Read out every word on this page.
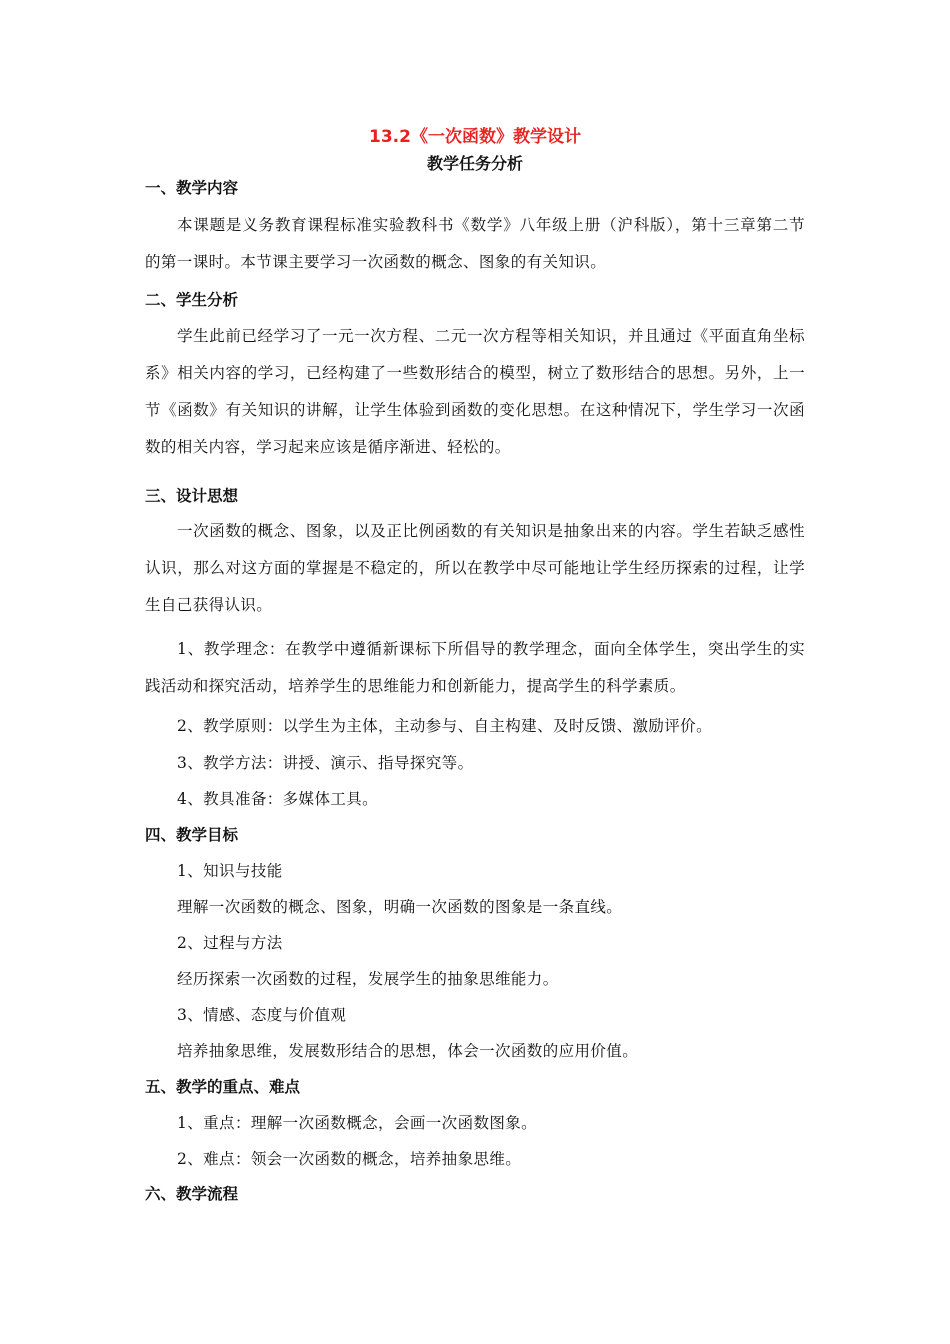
13.2《一次函数》教学设计
教学任务分析
一、教学内容
本课题是义务教育课程标准实验教科书《数学》八年级上册（沪科版），第十三章第二节的第一课时。本节课主要学习一次函数的概念、图象的有关知识。
二、学生分析
学生此前已经学习了一元一次方程、二元一次方程等相关知识，并且通过《平面直角坐标系》相关内容的学习，已经构建了一些数形结合的模型，树立了数形结合的思想。另外，上一节《函数》有关知识的讲解，让学生体验到函数的变化思想。在这种情况下，学生学习一次函数的相关内容，学习起来应该是循序渐进、轻松的。
三、设计思想
一次函数的概念、图象，以及正比例函数的有关知识是抽象出来的内容。学生若缺乏感性认识，那么对这方面的掌握是不稳定的，所以在教学中尽可能地让学生经历探索的过程，让学生自己获得认识。
1、教学理念：在教学中遵循新课标下所倡导的教学理念，面向全体学生，突出学生的实践活动和探究活动，培养学生的思维能力和创新能力，提高学生的科学素质。
2、教学原则：以学生为主体，主动参与、自主构建、及时反馈、激励评价。
3、教学方法：讲授、演示、指导探究等。
4、教具准备：多媒体工具。
四、教学目标
1、知识与技能
理解一次函数的概念、图象，明确一次函数的图象是一条直线。
2、过程与方法
经历探索一次函数的过程，发展学生的抽象思维能力。
3、情感、态度与价值观
培养抽象思维，发展数形结合的思想，体会一次函数的应用价值。
五、教学的重点、难点
1、重点：理解一次函数概念，会画一次函数图象。
2、难点：领会一次函数的概念，培养抽象思维。
六、教学流程
